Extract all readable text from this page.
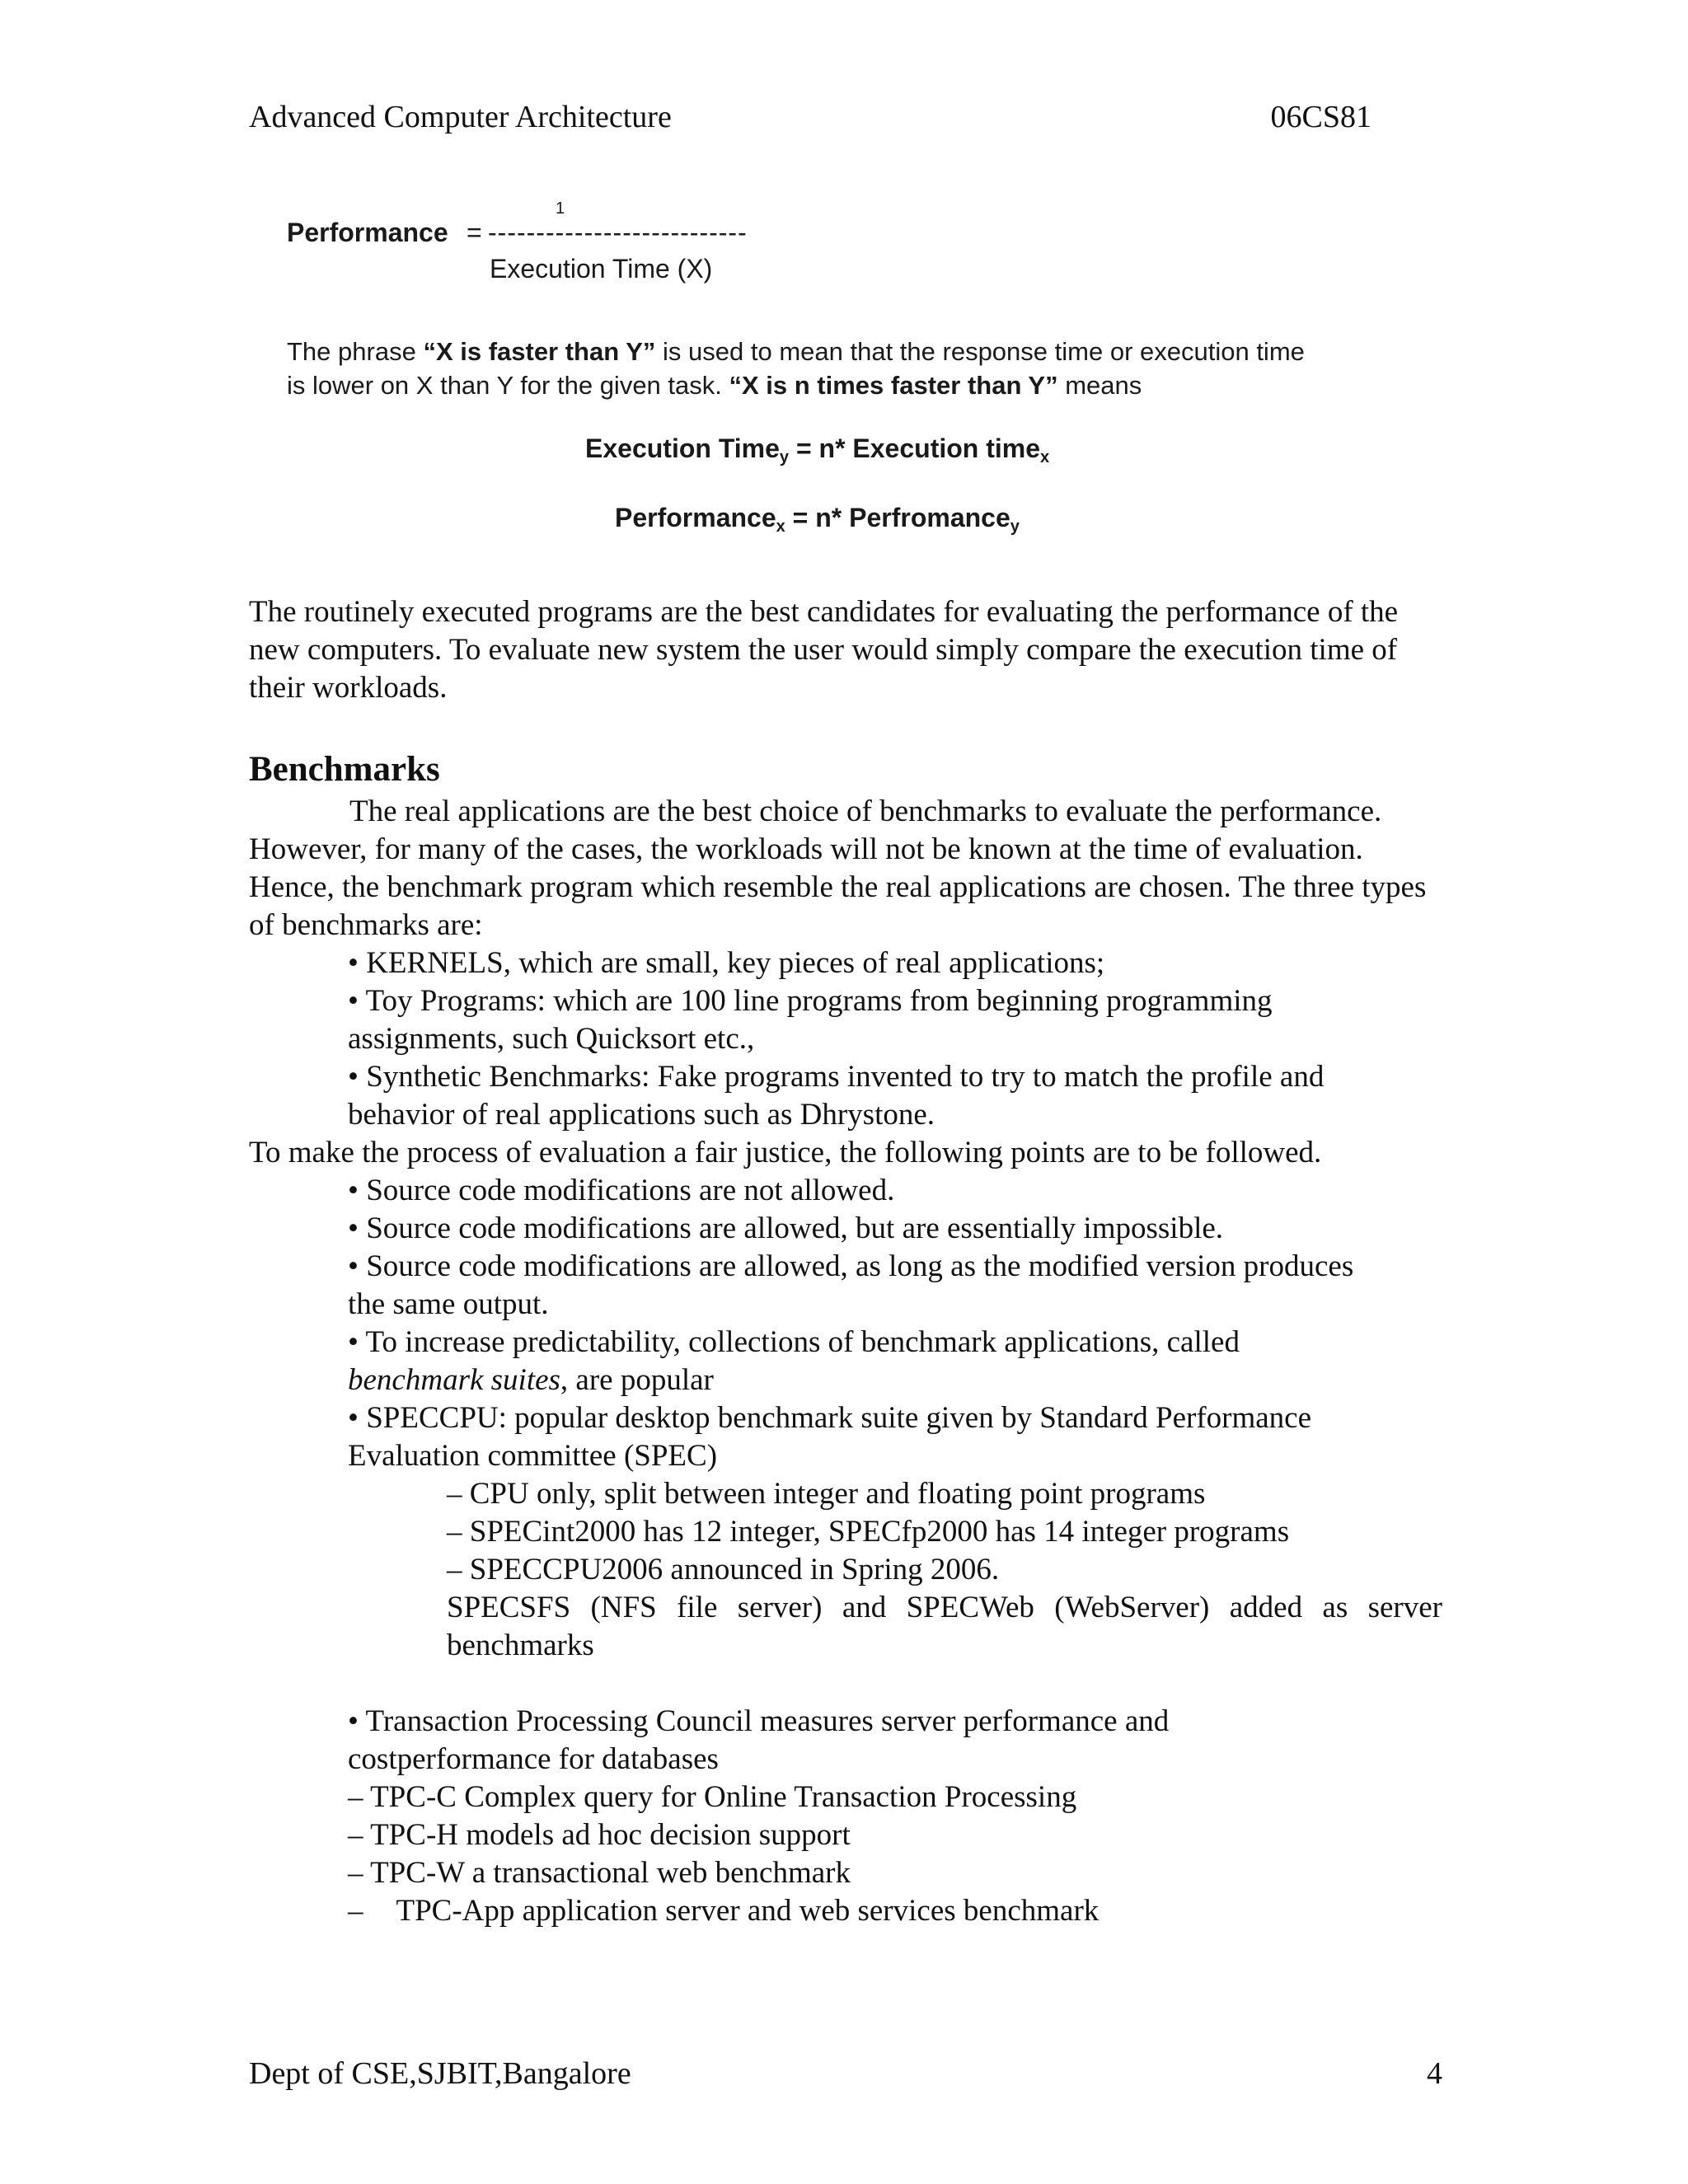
Advanced Computer Architecture	06CS81
1
Performance = ---------------------------
Execution Time (X)
The phrase “X is faster than Y” is used to mean that the response time or execution time
is lower on X than Y for the given task. “X is n times faster than Y” means
Execution Time$_y$ = n* Execution time$_x$
Performance$_x$ = n* Perfromance$_y$
The routinely executed programs are the best candidates for evaluating the performance of the new computers. To evaluate new system the user would simply compare the execution time of their workloads.
Benchmarks
The real applications are the best choice of benchmarks to evaluate the performance. However, for many of the cases, the workloads will not be known at the time of evaluation. Hence, the benchmark program which resemble the real applications are chosen. The three types of benchmarks are:
• KERNELS, which are small, key pieces of real applications;
• Toy Programs: which are 100 line programs from beginning programming
assignments, such Quicksort etc.,
• Synthetic Benchmarks: Fake programs invented to try to match the profile and
behavior of real applications such as Dhrystone.
To make the process of evaluation a fair justice, the following points are to be followed.
• Source code modifications are not allowed.
• Source code modifications are allowed, but are essentially impossible.
• Source code modifications are allowed, as long as the modified version produces
the same output.
• To increase predictability, collections of benchmark applications, called
benchmark suites, are popular
• SPECCPU: popular desktop benchmark suite given by Standard Performance
Evaluation committee (SPEC)
– CPU only, split between integer and floating point programs
– SPECint2000 has 12 integer, SPECfp2000 has 14 integer programs
– SPECCPU2006 announced in Spring 2006.
SPECSFS (NFS file server) and SPECWeb (WebServer) added as server
benchmarks
• Transaction Processing Council measures server performance and
costperformance for databases
– TPC-C Complex query for Online Transaction Processing
– TPC-H models ad hoc decision support
– TPC-W a transactional web benchmark
– TPC-App application server and web services benchmark
Dept of CSE,SJBIT,Bangalore	4
